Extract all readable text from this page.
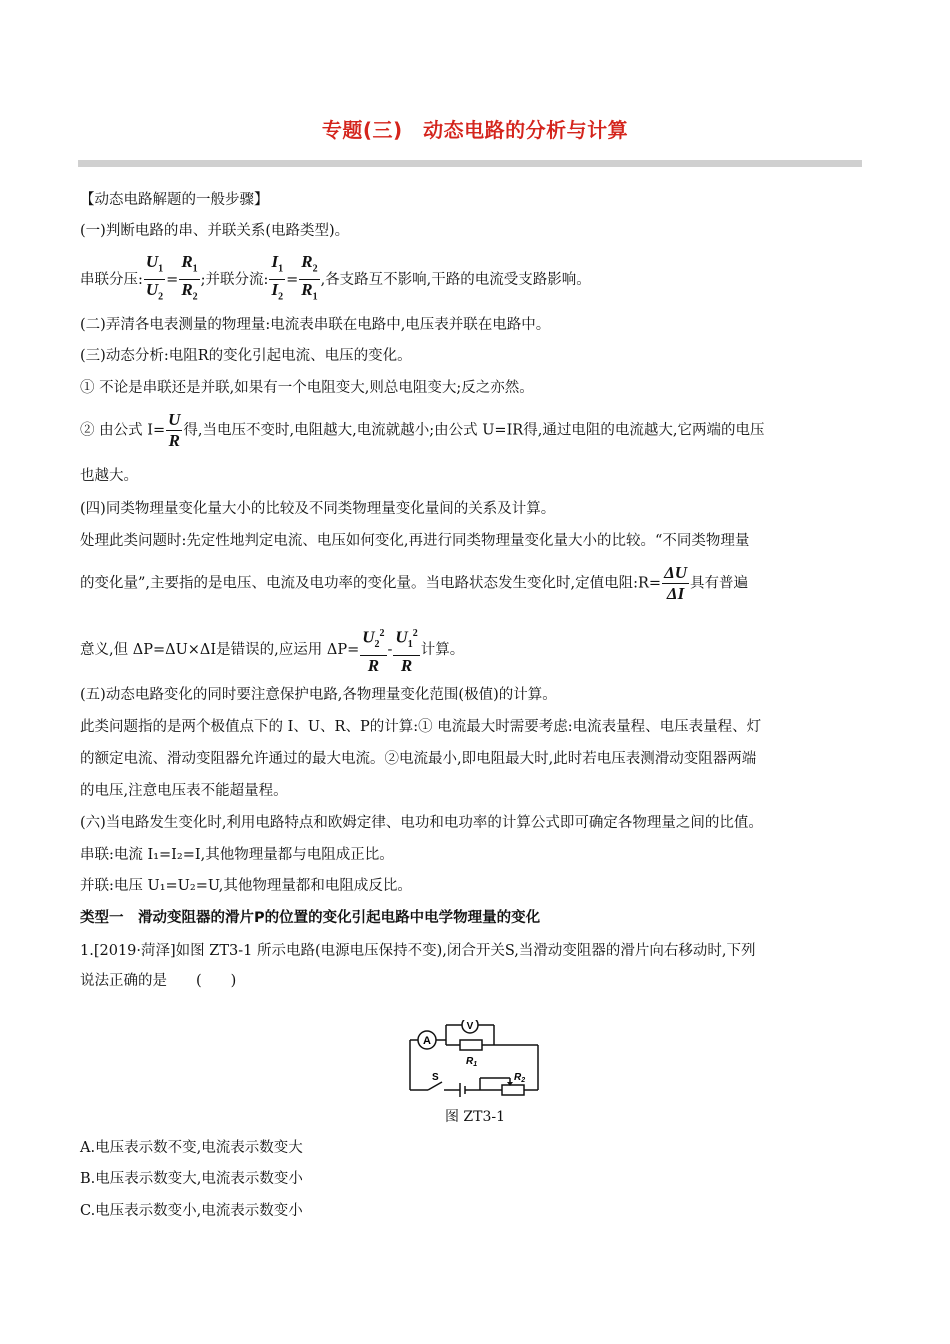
专题(三)　动态电路的分析与计算
【动态电路解题的一般步骤】
(一)判断电路的串、并联关系(电路类型)。
串联分压: $\frac{U_1}{U_2} = \frac{R_1}{R_2}$ ;并联分流: $\frac{I_1}{I_2} = \frac{R_2}{R_1}$ ,各支路互不影响,干路的电流受支路影响。
(二)弄清各电表测量的物理量:电流表串联在电路中,电压表并联在电路中。
(三)动态分析:电阻R的变化引起电流、电压的变化。
① 不论是串联还是并联,如果有一个电阻变大,则总电阻变大;反之亦然。
② 由公式 $I= \frac{U}{R}$ 得,当电压不变时,电阻越大,电流就越小;由公式 U=IR得,通过电阻的电流越大,它两端的电压
也越大。
(四)同类物理量变化量大小的比较及不同类物理量变化量间的关系及计算。
处理此类问题时:先定性地判定电流、电压如何变化,再进行同类物理量变化量大小的比较。“不同类物理量
的变化量”,主要指的是电压、电流及电功率的变化量。当电路状态发生变化时,定值电阻:R= $\frac{\Delta U}{\Delta I}$ 具有普遍
意义,但 ΔP=ΔU×ΔI是错误的,应运用 $\Delta P= \frac{U_2^2}{R} - \frac{U_1^2}{R}$ 计算。
(五)动态电路变化的同时要注意保护电路,各物理量变化范围(极值)的计算。
此类问题指的是两个极值点下的 I、U、R、P的计算:① 电流最大时需要考虑:电流表量程、电压表量程、灯
的额定电流、滑动变阻器允许通过的最大电流。②电流最小,即电阻最大时,此时若电压表测滑动变阻器两端
的电压,注意电压表不能超量程。
(六)当电路发生变化时,利用电路特点和欧姆定律、电功和电功率的计算公式即可确定各物理量之间的比值。
串联:电流 I₁=I₂=I,其他物理量都与电阻成正比。
并联:电压 U₁=U₂=U,其他物理量都和电阻成反比。
类型一　滑动变阻器的滑片P的位置的变化引起电路中电学物理量的变化
1.[2019·菏泽]如图 ZT3-1 所示电路(电源电压保持不变),闭合开关S,当滑动变阻器的滑片向右移动时,下列
说法正确的是　　(　　)
A
V
$R_1$
$R_2$
S
图 ZT3-1
A.电压表示数不变,电流表示数变大
B.电压表示数变大,电流表示数变小
C.电压表示数变小,电流表示数变小
